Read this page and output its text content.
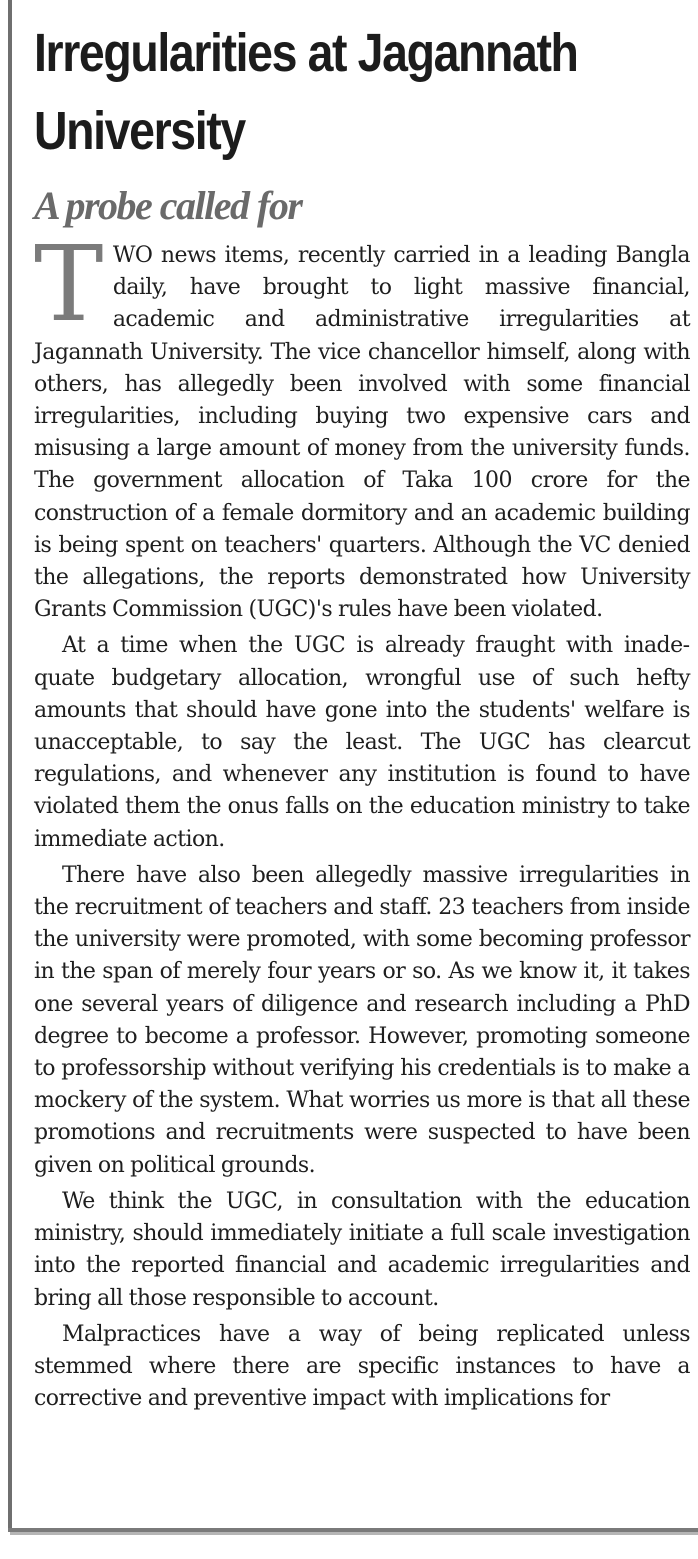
Irregularities at Jagannath University
A probe called for

TWO news items, recently carried in a leading Bangla daily, have brought to light massive financial, academic and administrative irregularities at Jagannath University. The vice chancellor himself, along with others, has allegedly been involved with some financial irregularities, including buying two expensive cars and misusing a large amount of money from the university funds. The government allocation of Taka 100 crore for the construction of a female dormitory and an academic building is being spent on teachers' quarters. Although the VC denied the allegations, the reports demonstrated how University Grants Commission (UGC)'s rules have been violated.

At a time when the UGC is already fraught with inadequate budgetary allocation, wrongful use of such hefty amounts that should have gone into the students' welfare is unacceptable, to say the least. The UGC has clearcut regulations, and whenever any institution is found to have violated them the onus falls on the education ministry to take immediate action.

There have also been allegedly massive irregularities in the recruitment of teachers and staff. 23 teachers from inside the university were promoted, with some becoming professor in the span of merely four years or so. As we know it, it takes one several years of diligence and research including a PhD degree to become a professor. However, promoting someone to professorship without verifying his credentials is to make a mockery of the system. What worries us more is that all these promotions and recruitments were suspected to have been given on political grounds.

We think the UGC, in consultation with the education ministry, should immediately initiate a full scale investigation into the reported financial and academic irregularities and bring all those responsible to account.

Malpractices have a way of being replicated unless stemmed where there are specific instances to have a corrective and preventive impact with implications for
